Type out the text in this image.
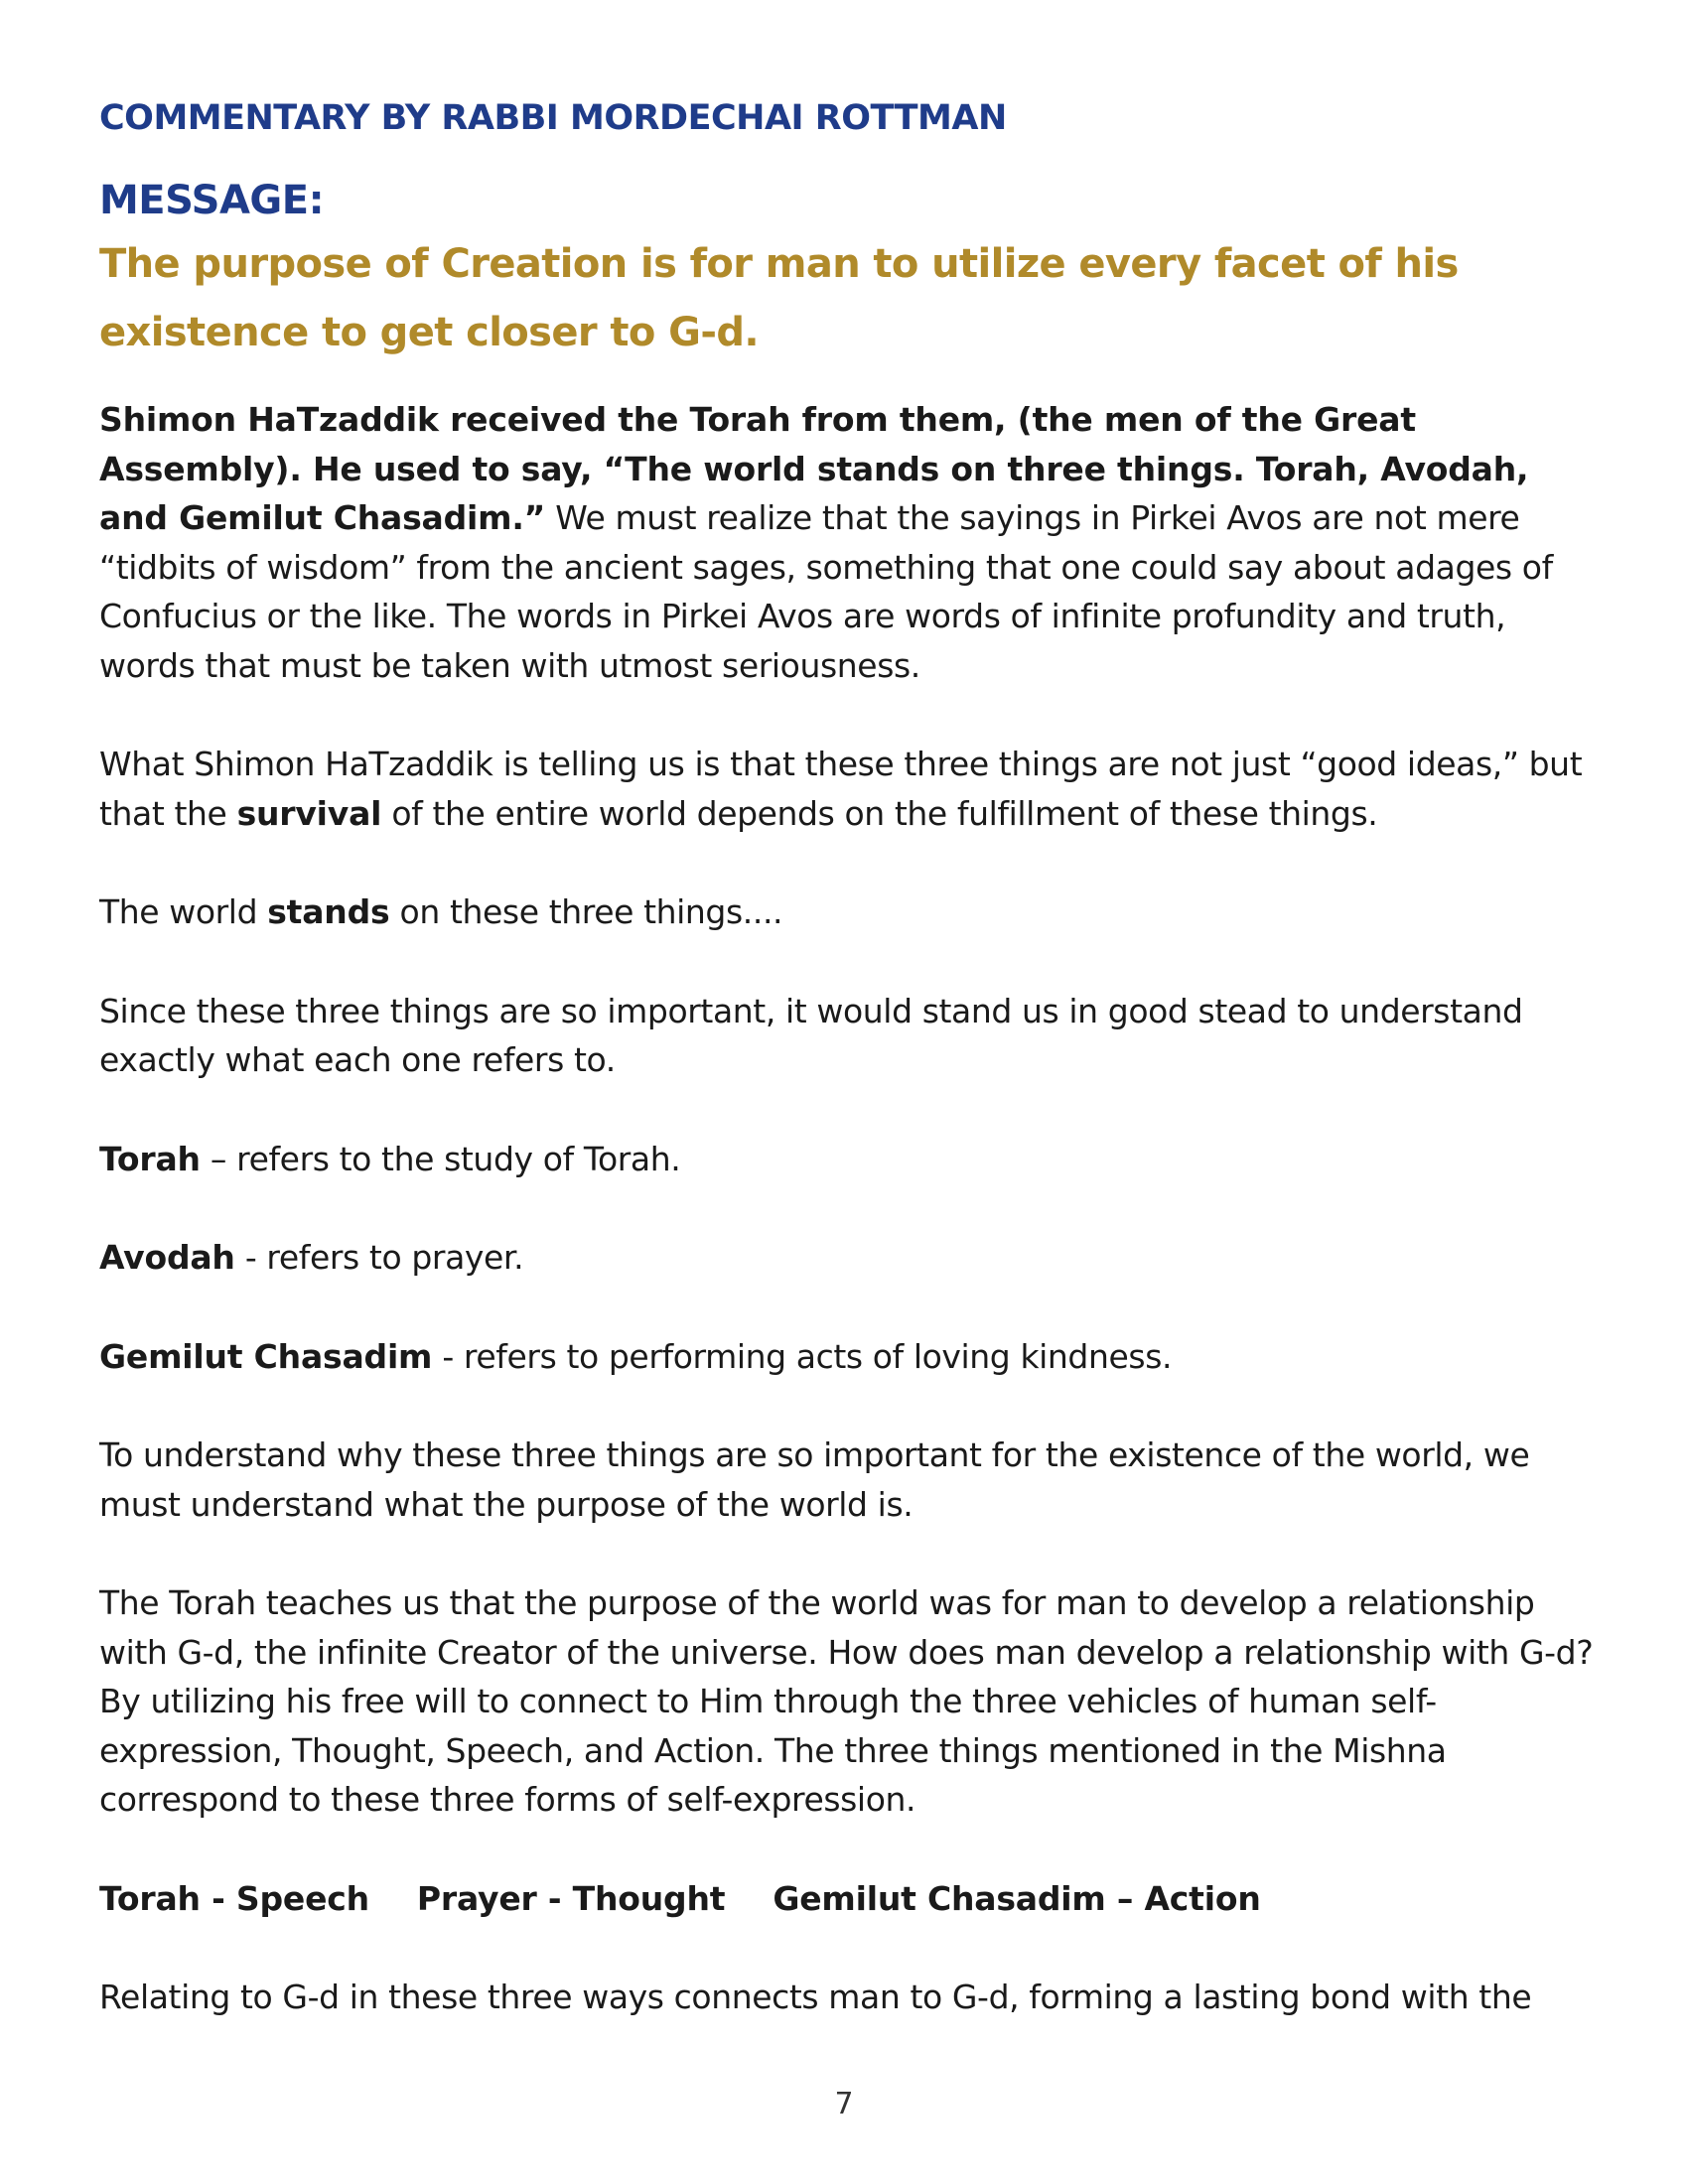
COMMENTARY BY RABBI MORDECHAI ROTTMAN
MESSAGE:
The purpose of Creation is for man to utilize every facet of his existence to get closer to G-d.

Shimon HaTzaddik received the Torah from them, (the men of the Great Assembly). He used to say, “The world stands on three things. Torah, Avodah, and Gemilut Chasadim.” We must realize that the sayings in Pirkei Avos are not mere “tidbits of wisdom” from the ancient sages, something that one could say about adages of Confucius or the like. The words in Pirkei Avos are words of infinite profundity and truth, words that must be taken with utmost seriousness.

What Shimon HaTzaddik is telling us is that these three things are not just “good ideas,” but that the survival of the entire world depends on the fulfillment of these things.

The world stands on these three things....

Since these three things are so important, it would stand us in good stead to understand exactly what each one refers to.

Torah – refers to the study of Torah.

Avodah - refers to prayer.

Gemilut Chasadim - refers to performing acts of loving kindness.

To understand why these three things are so important for the existence of the world, we must understand what the purpose of the world is.

The Torah teaches us that the purpose of the world was for man to develop a relationship with G-d, the infinite Creator of the universe. How does man develop a relationship with G-d? By utilizing his free will to connect to Him through the three vehicles of human self-expression, Thought, Speech, and Action. The three things mentioned in the Mishna correspond to these three forms of self-expression.

Torah - Speech Prayer - Thought Gemilut Chasadim – Action

Relating to G-d in these three ways connects man to G-d, forming a lasting bond with the

7
